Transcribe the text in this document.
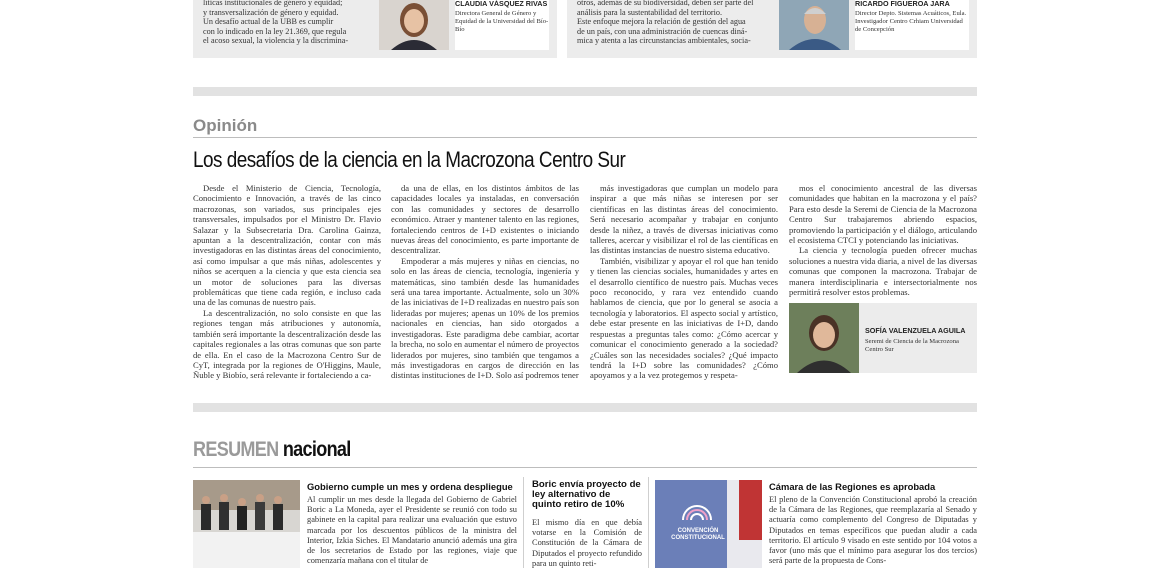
líticas institucionales de género y equidad;
y transversalización de género y equidad.
Un desafío actual de la UBB es cumplir
con lo indicado en la ley 21.369, que regula
el acoso sexual, la violencia y la discrimina-
CLAUDIA VÁSQUEZ RIVAS
Directora General de Género y Equidad de la Universidad del Bío-Bío
otros, además de su biodiversidad, deben ser parte del
análisis para la sustentabilidad del territorio.
Este enfoque mejora la relación de gestión del agua
de un país, con una administración de cuencas diná-
mica y atenta a las circunstancias ambientales, socia-
RICARDO FIGUEROA JARA
Director Depto. Sistemas Acuáticos, Eula. Investigador Centro Crhiam Universidad de Concepción
Opinión
Los desafíos de la ciencia en la Macrozona Centro Sur

Desde el Ministerio de Ciencia, Tecnología, Conocimiento e Innovación, a través de las cinco macrozonas, son variados, sus principales ejes transversales, impulsados por el Ministro Dr. Flavio Salazar y la Subsecretaria Dra. Carolina Gainza, apuntan a la descentralización, contar con más investigadoras en las distintas áreas del conocimiento, así como impulsar a que más niñas, adolescentes y niños se acerquen a la ciencia y que esta ciencia sea un motor de soluciones para las diversas problemáticas que tiene cada región, e incluso cada una de las comunas de nuestro país.

La descentralización, no solo consiste en que las regiones tengan más atribuciones y autonomía, también será importante la descentralización desde las capitales regionales a las otras comunas que son parte de ella. En el caso de la Macrozona Centro Sur de CyT, integrada por la regiones de O'Higgins, Maule, Ñuble y Biobío, será relevante ir fortaleciendo a ca-

da una de ellas, en los distintos ámbitos de las capacidades locales ya instaladas, en conversación con las comunidades y sectores de desarrollo económico. Atraer y mantener talento en las regiones, fortaleciendo centros de I+D existentes o iniciando nuevas áreas del conocimiento, es parte importante de descentralizar.

Empoderar a más mujeres y niñas en ciencias, no solo en las áreas de ciencia, tecnología, ingeniería y matemáticas, sino también desde las humanidades será una tarea importante. Actualmente, solo un 30% de las iniciativas de I+D realizadas en nuestro país son lideradas por mujeres; apenas un 10% de los premios nacionales en ciencias, han sido otorgados a investigadoras. Este paradigma debe cambiar, acortar la brecha, no solo en aumentar el número de proyectos liderados por mujeres, sino también que tengamos a más investigadoras en cargos de dirección en las distintas instituciones de I+D. Solo así podremos tener

más investigadoras que cumplan un modelo para inspirar a que más niñas se interesen por ser científicas en las distintas áreas del conocimiento. Será necesario acompañar y trabajar en conjunto desde la niñez, a través de diversas iniciativas como talleres, acercar y visibilizar el rol de las científicas en las distintas instancias de nuestro sistema educativo.

También, visibilizar y apoyar el rol que han tenido y tienen las ciencias sociales, humanidades y artes en el desarrollo científico de nuestro país. Muchas veces poco reconocido, y rara vez entendido cuando hablamos de ciencia, que por lo general se asocia a tecnología y laboratorios. El aspecto social y artístico, debe estar presente en las iniciativas de I+D, dando respuestas a preguntas tales como: ¿Cómo acercar y comunicar el conocimiento generado a la sociedad? ¿Cuáles son las necesidades sociales? ¿Qué impacto tendrá la I+D sobre las comunidades? ¿Cómo apoyamos y a la vez protegemos y respeta-

mos el conocimiento ancestral de las diversas comunidades que habitan en la macrozona y el país? Para esto desde la Seremi de Ciencia de la Macrozona Centro Sur trabajaremos abriendo espacios, promoviendo la participación y el diálogo, articulando el ecosistema CTCI y potenciando las iniciativas.

La ciencia y tecnología pueden ofrecer muchas soluciones a nuestra vida diaria, a nivel de las diversas comunas que componen la macrozona. Trabajar de manera interdisciplinaria e intersectorialmente nos permitirá resolver estos problemas.

SOFÍA VALENZUELA AGUILA
Seremi de Ciencia de la Macrozona Centro Sur
RESUMEN nacional
Gobierno cumple un mes y ordena despliegue
Al cumplir un mes desde la llegada del Gobierno de Gabriel Boric a La Moneda, ayer el Presidente se reunió con todo su gabinete en la capital para realizar una evaluación que estuvo marcada por los descuentos públicos de la ministra del Interior, Izkia Siches. El Mandatario anunció además una gira de los secretarios de Estado por las regiones, viaje que comenzaría mañana con el titular de
Boric envía proyecto de ley alternativo de quinto retiro de 10%
El mismo día en que debía votarse en la Comisión de Constitución de la Cámara de Diputados el proyecto refundido para un quinto reti-
CONVENCIÓN CONSTITUCIONAL
Cámara de las Regiones es aprobada
El pleno de la Convención Constitucional aprobó la creación de la Cámara de las Regiones, que reemplazaría al Senado y actuaría como complemento del Congreso de Diputadas y Diputados en temas específicos que puedan aludir a cada territorio. El artículo 9 visado en este sentido por 104 votos a favor (uno más que el mínimo para asegurar los dos tercios) será parte de la propuesta de Cons-
